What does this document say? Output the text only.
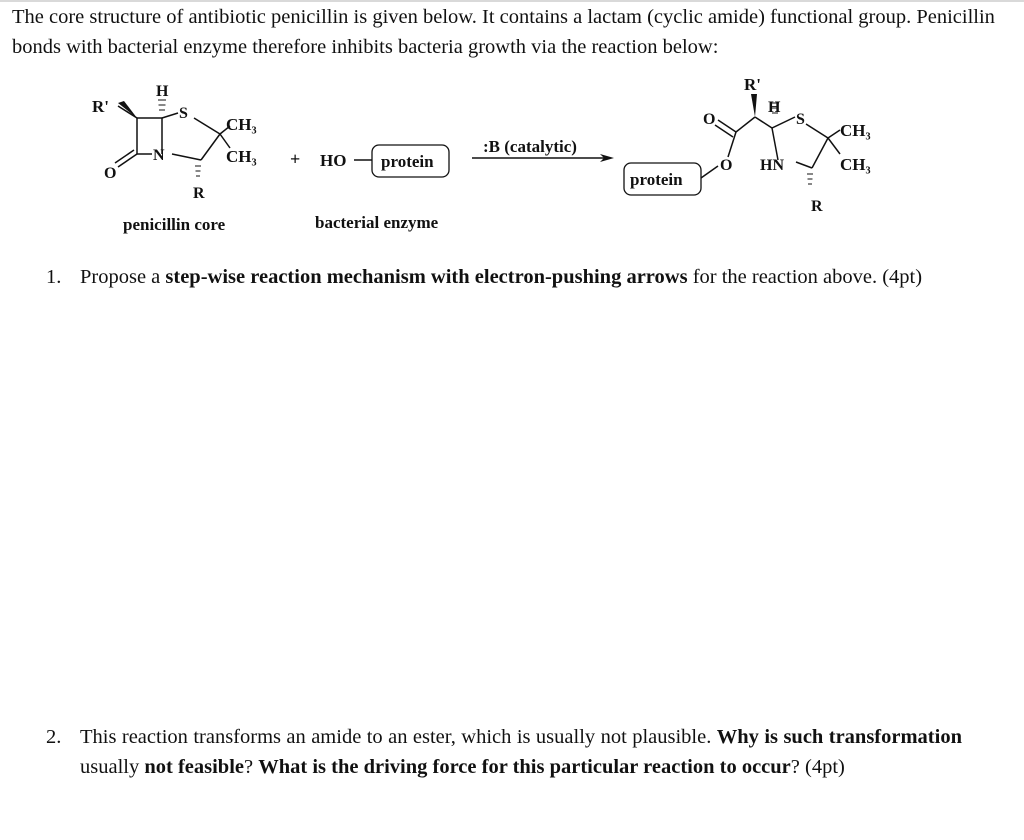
The core structure of antibiotic penicillin is given below. It contains a lactam (cyclic amide) functional group. Penicillin bonds with bacterial enzyme therefore inhibits bacteria growth via the reaction below:
R'
H
S
N
CH₃
CH₃
O
R
penicillin core
+ HO protein
bacterial enzyme
:B (catalytic)
protein
R'
H
S
O
O HN
CH₃
CH₃
R
1. Propose a step-wise reaction mechanism with electron-pushing arrows for the reaction above. (4pt)
2. This reaction transforms an amide to an ester, which is usually not plausible. Why is such transformation usually not feasible? What is the driving force for this particular reaction to occur? (4pt)
